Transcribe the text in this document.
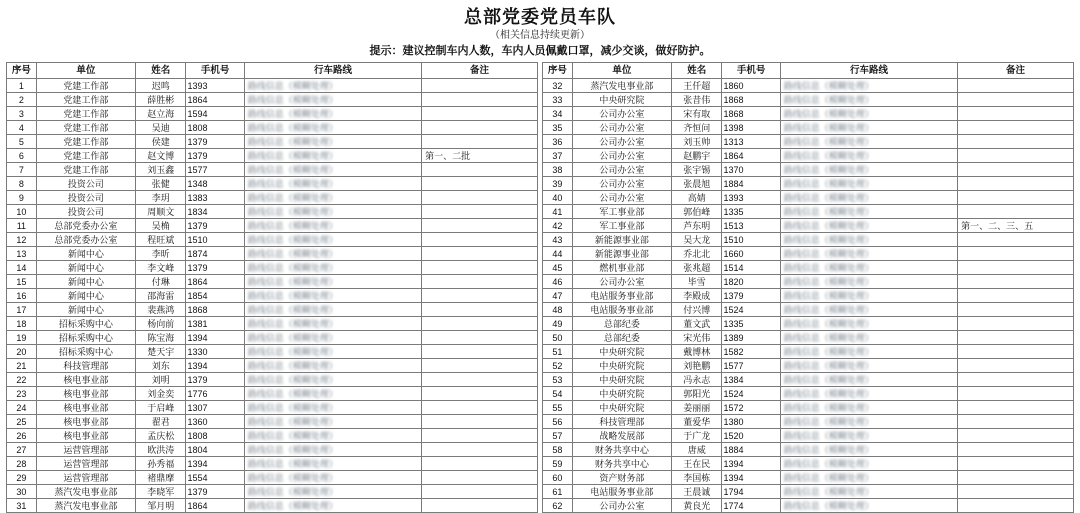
总部党委党员车队
（相关信息持续更新）
提示：建议控制车内人数，车内人员佩戴口罩，减少交谈，做好防护。
序号	单位	姓名	手机号	行车路线	备注
1	党建工作部	迟鸣	1393       	路线信息（模糊处理）	
2	党建工作部	薛胜彬	1864       	路线信息（模糊处理）	
3	党建工作部	赵立海	1594       	路线信息（模糊处理）	
4	党建工作部	吴迪	1808       	路线信息（模糊处理）	
5	党建工作部	侯建	1379       	路线信息（模糊处理）	
6	党建工作部	赵文博	1379       	路线信息（模糊处理）	第一、二批
7	党建工作部	刘玉鑫	1577       	路线信息（模糊处理）	
8	投资公司	张健	1348       	路线信息（模糊处理）	
9	投资公司	李玥	1383       	路线信息（模糊处理）	
10	投资公司	周顺文	1834       	路线信息（模糊处理）	
11	总部党委办公室	吴桷	1379       	路线信息（模糊处理）	
12	总部党委办公室	程旺斌	1510       	路线信息（模糊处理）	
13	新闻中心	李昕	1874       	路线信息（模糊处理）	
14	新闻中心	李文峰	1379       	路线信息（模糊处理）	
15	新闻中心	付琳	1864       	路线信息（模糊处理）	
16	新闻中心	邵海雷	1854       	路线信息（模糊处理）	
17	新闻中心	裴燕鸿	1868       	路线信息（模糊处理）	
18	招标采购中心	杨向前	1381       	路线信息（模糊处理）	
19	招标采购中心	陈宝海	1394       	路线信息（模糊处理）	
20	招标采购中心	楚天宇	1330       	路线信息（模糊处理）	
21	科技管理部	刘东	1394       	路线信息（模糊处理）	
22	核电事业部	刘明	1379       	路线信息（模糊处理）	
23	核电事业部	刘金奕	1776       	路线信息（模糊处理）	
24	核电事业部	于启峰	1307       	路线信息（模糊处理）	
25	核电事业部	翟君	1360       	路线信息（模糊处理）	
26	核电事业部	孟庆松	1808       	路线信息（模糊处理）	
27	运营管理部	欧洪涛	1804       	路线信息（模糊处理）	
28	运营管理部	孙秀福	1394       	路线信息（模糊处理）	
29	运营管理部	褚鼎摩	1554       	路线信息（模糊处理）	
30	蒸汽发电事业部	李晓军	1379       	路线信息（模糊处理）	
31	蒸汽发电事业部	邹月明	1864       	路线信息（模糊处理）	
序号	单位	姓名	手机号	行车路线	备注
32	蒸汽发电事业部	王仟超	1860       	路线信息（模糊处理）	
33	中央研究院	张昔伟	1868       	路线信息（模糊处理）	
34	公司办公室	宋有取	1868       	路线信息（模糊处理）	
35	公司办公室	齐恒问	1398       	路线信息（模糊处理）	
36	公司办公室	刘玉帅	1313       	路线信息（模糊处理）	
37	公司办公室	赵鹏宇	1864       	路线信息（模糊处理）	
38	公司办公室	张宇锡	1370       	路线信息（模糊处理）	
39	公司办公室	张晨旭	1884       	路线信息（模糊处理）	
40	公司办公室	高婧	1393       	路线信息（模糊处理）	
41	军工事业部	郭伯峰	1335       	路线信息（模糊处理）	
42	军工事业部	芦东明	1513       	路线信息（模糊处理）	第一、二、三、五
43	新能源事业部	吴大龙	1510       	路线信息（模糊处理）	
44	新能源事业部	乔北北	1660       	路线信息（模糊处理）	
45	燃机事业部	张兆超	1514       	路线信息（模糊处理）	
46	公司办公室	毕雪	1820       	路线信息（模糊处理）	
47	电站服务事业部	李殿成	1379       	路线信息（模糊处理）	
48	电站服务事业部	付兴博	1524       	路线信息（模糊处理）	
49	总部纪委	董文武	1335       	路线信息（模糊处理）	
50	总部纪委	宋光伟	1389       	路线信息（模糊处理）	
51	中央研究院	戴博林	1582       	路线信息（模糊处理）	
52	中央研究院	刘艳鹏	1577       	路线信息（模糊处理）	
53	中央研究院	冯永志	1384       	路线信息（模糊处理）	
54	中央研究院	郭阳光	1524       	路线信息（模糊处理）	
55	中央研究院	姜丽丽	1572       	路线信息（模糊处理）	
56	科技管理部	董爱华	1380       	路线信息（模糊处理）	
57	战略发展部	于广龙	1520       	路线信息（模糊处理）	
58	财务共享中心	唐威	1884       	路线信息（模糊处理）	
59	财务共享中心	王在民	1394       	路线信息（模糊处理）	
60	资产财务部	李国栋	1394       	路线信息（模糊处理）	
61	电站服务事业部	王晨诚	1794       	路线信息（模糊处理）	
62	公司办公室	黄良光	1774       	路线信息（模糊处理）	
